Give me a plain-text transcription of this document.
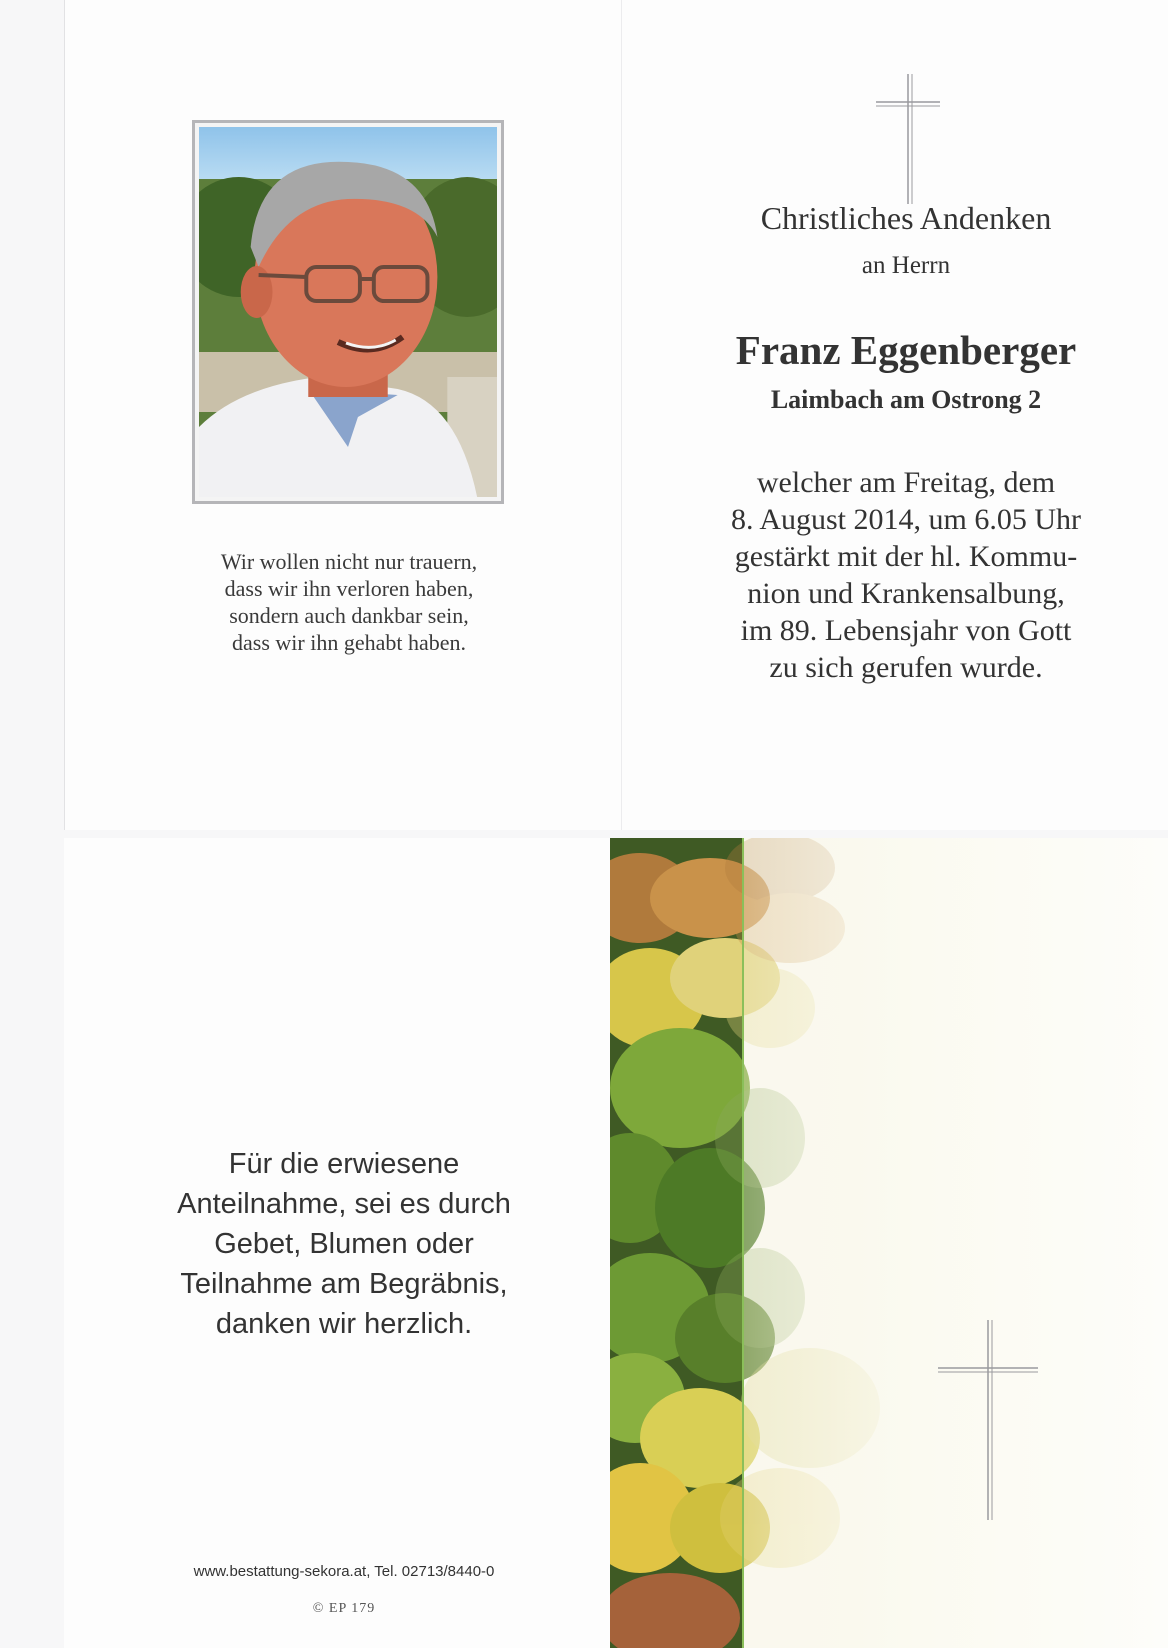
Wir wollen nicht nur trauern,
dass wir ihn verloren haben,
sondern auch dankbar sein,
dass wir ihn gehabt haben.
Christliches Andenken
an Herrn
Franz Eggenberger
Laimbach am Ostrong 2
welcher am Freitag, dem
8. August 2014, um 6.05 Uhr
gestärkt mit der hl. Kommu-
nion und Krankensalbung,
im 89. Lebensjahr von Gott
zu sich gerufen wurde.
Für die erwiesene
Anteilnahme, sei es durch
Gebet, Blumen oder
Teilnahme am Begräbnis,
danken wir herzlich.
www.bestattung-sekora.at, Tel. 02713/8440-0
© EP 179
